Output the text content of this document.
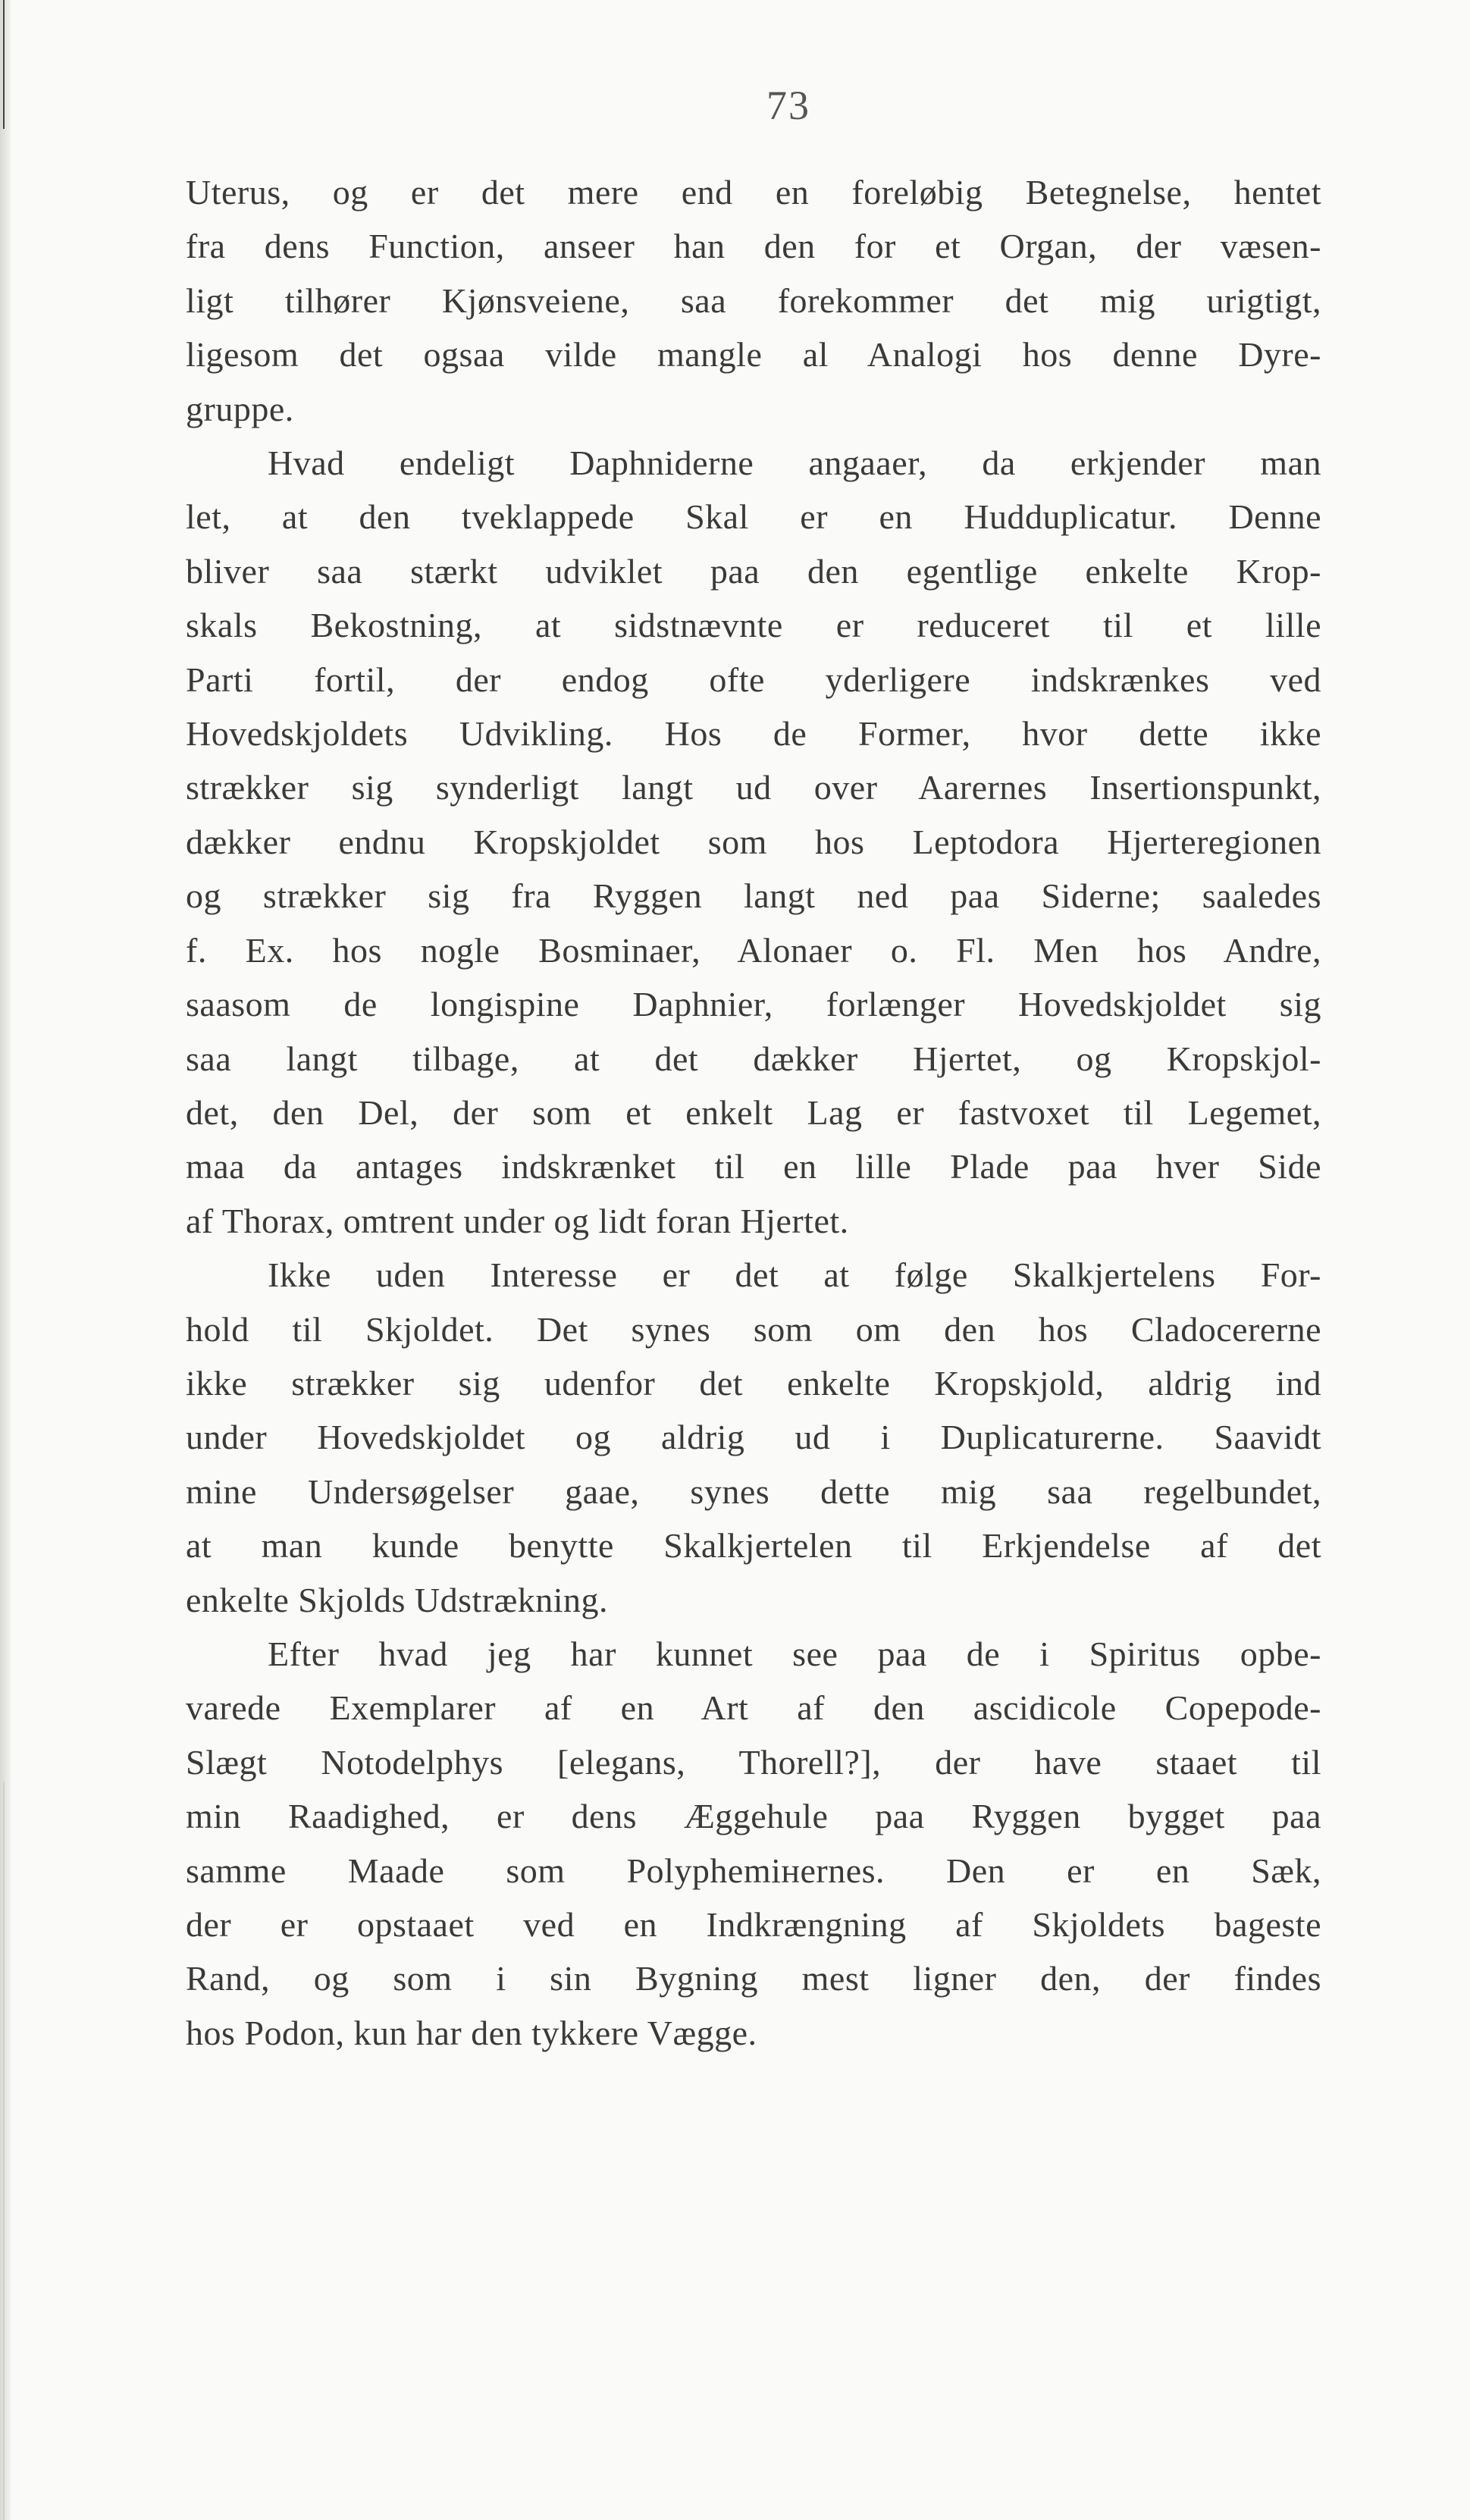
73
Uterus, og er det mere end en foreløbig Betegnelse, hentet
fra dens Function, anseer han den for et Organ, der væsen-
ligt tilhører Kjønsveiene, saa forekommer det mig urigtigt,
ligesom det ogsaa vilde mangle al Analogi hos denne Dyre-
gruppe.
Hvad endeligt Daphniderne angaaer, da erkjender man
let, at den tveklappede Skal er en Hudduplicatur. Denne
bliver saa stærkt udviklet paa den egentlige enkelte Krop-
skals Bekostning, at sidstnævnte er reduceret til et lille
Parti fortil, der endog ofte yderligere indskrænkes ved
Hovedskjoldets Udvikling. Hos de Former, hvor dette ikke
strækker sig synderligt langt ud over Aarernes Insertionspunkt,
dækker endnu Kropskjoldet som hos Leptodora Hjerteregionen
og strækker sig fra Ryggen langt ned paa Siderne; saaledes
f. Ex. hos nogle Bosminaer, Alonaer o. Fl. Men hos Andre,
saasom de longispine Daphnier, forlænger Hovedskjoldet sig
saa langt tilbage, at det dækker Hjertet, og Kropskjol-
det, den Del, der som et enkelt Lag er fastvoxet til Legemet,
maa da antages indskrænket til en lille Plade paa hver Side
af Thorax, omtrent under og lidt foran Hjertet.
Ikke uden Interesse er det at følge Skalkjertelens For-
hold til Skjoldet. Det synes som om den hos Cladocererne
ikke strækker sig udenfor det enkelte Kropskjold, aldrig ind
under Hovedskjoldet og aldrig ud i Duplicaturerne. Saavidt
mine Undersøgelser gaae, synes dette mig saa regelbundet,
at man kunde benytte Skalkjertelen til Erkjendelse af det
enkelte Skjolds Udstrækning.
Efter hvad jeg har kunnet see paa de i Spiritus opbe-
varede Exemplarer af en Art af den ascidicole Copepode-
Slægt Notodelphys [elegans, Thorell?], der have staaet til
min Raadighed, er dens Æggehule paa Ryggen bygget paa
samme Maade som Polyphemінernes. Den er en Sæk,
der er opstaaet ved en Indkrængning af Skjoldets bageste
Rand, og som i sin Bygning mest ligner den, der findes
hos Podon, kun har den tykkere Vægge.
